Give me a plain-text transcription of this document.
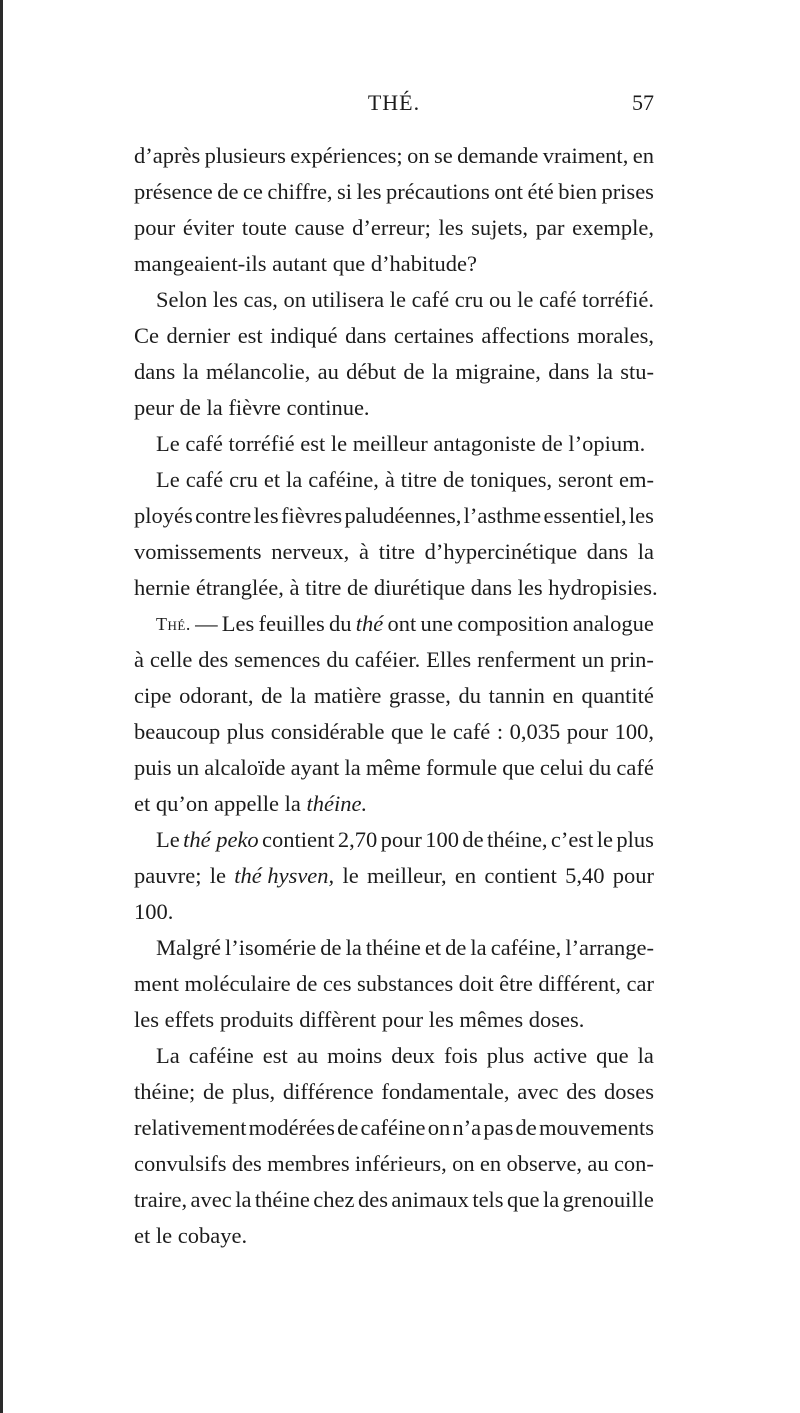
THÉ.	57
d’après plusieurs expériences; on se demande vraiment, en
présence de ce chiffre, si les précautions ont été bien prises
pour éviter toute cause d’erreur; les sujets, par exemple,
mangeaient-ils autant que d’habitude?
Selon les cas, on utilisera le café cru ou le café torréfié.
Ce dernier est indiqué dans certaines affections morales,
dans la mélancolie, au début de la migraine, dans la stu-
peur de la fièvre continue.
Le café torréfié est le meilleur antagoniste de l’opium.
Le café cru et la caféine, à titre de toniques, seront em-
ployés contre les fièvres paludéennes, l’asthme essentiel, les
vomissements nerveux, à titre d’hypercinétique dans la
hernie étranglée, à titre de diurétique dans les hydropisies.
Thé. — Les feuilles du thé ont une composition analogue
à celle des semences du caféier. Elles renferment un prin-
cipe odorant, de la matière grasse, du tannin en quantité
beaucoup plus considérable que le café : 0,035 pour 100,
puis un alcaloïde ayant la même formule que celui du café
et qu’on appelle la théine.
Le thé peko contient 2,70 pour 100 de théine, c’est le plus
pauvre; le thé hysven, le meilleur, en contient 5,40 pour
100.
Malgré l’isomérie de la théine et de la caféine, l’arrange-
ment moléculaire de ces substances doit être différent, car
les effets produits diffèrent pour les mêmes doses.
La caféine est au moins deux fois plus active que la
théine; de plus, différence fondamentale, avec des doses
relativement modérées de caféine on n’a pas de mouvements
convulsifs des membres inférieurs, on en observe, au con-
traire, avec la théine chez des animaux tels que la grenouille
et le cobaye.
